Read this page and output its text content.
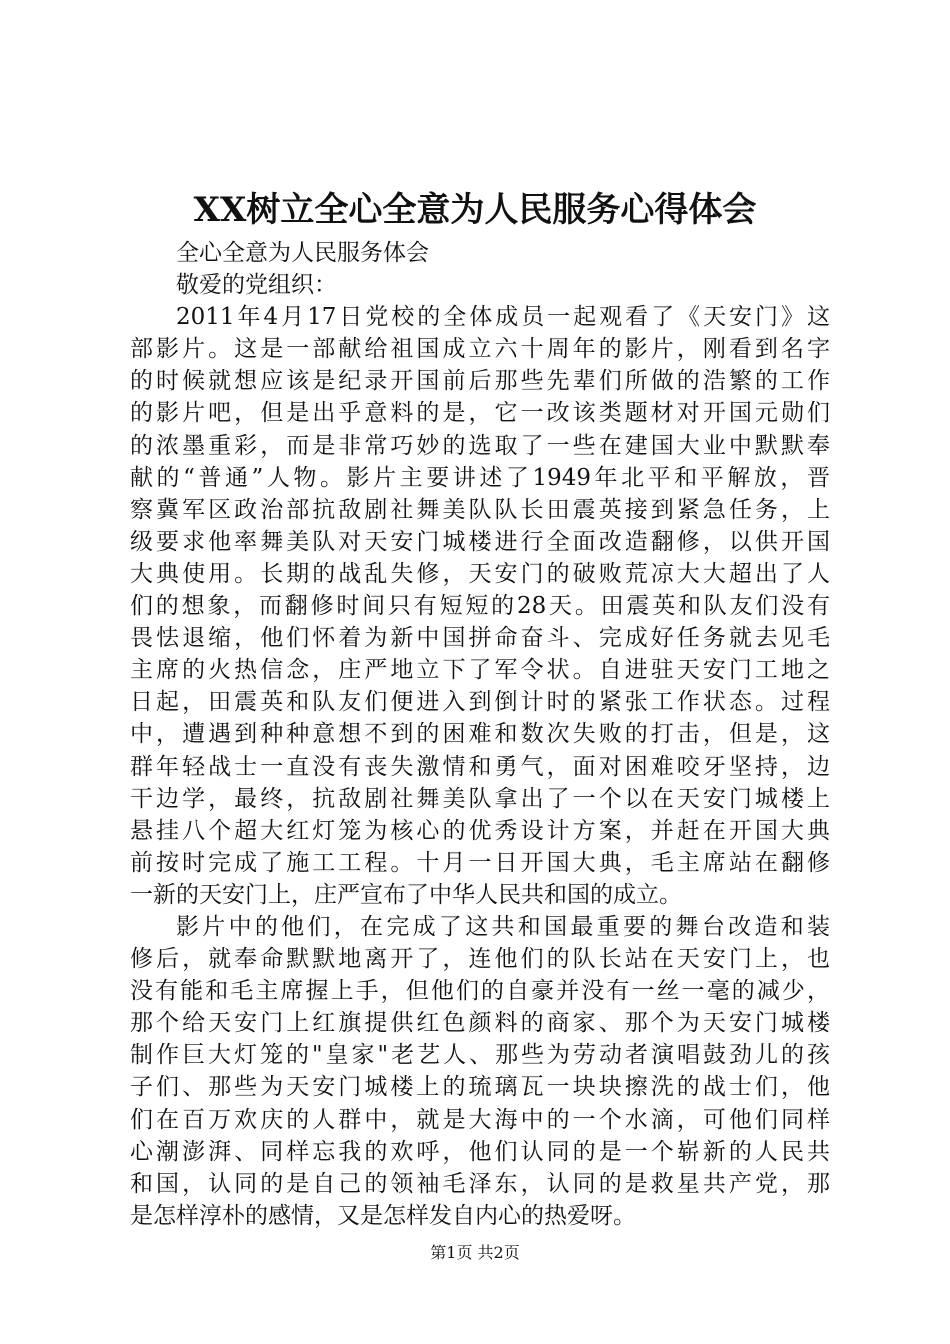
XX树立全心全意为人民服务心得体会
全心全意为人民服务体会
敬爱的党组织：
2011年4月17日党校的全体成员一起观看了《天安门》这
部影片。这是一部献给祖国成立六十周年的影片，刚看到名字
的时候就想应该是纪录开国前后那些先辈们所做的浩繁的工作
的影片吧，但是出乎意料的是，它一改该类题材对开国元勋们
的浓墨重彩，而是非常巧妙的选取了一些在建国大业中默默奉
献的“普通”人物。影片主要讲述了1949年北平和平解放，晋
察冀军区政治部抗敌剧社舞美队队长田震英接到紧急任务，上
级要求他率舞美队对天安门城楼进行全面改造翻修，以供开国
大典使用。长期的战乱失修，天安门的破败荒凉大大超出了人
们的想象，而翻修时间只有短短的28天。田震英和队友们没有
畏怯退缩，他们怀着为新中国拼命奋斗、完成好任务就去见毛
主席的火热信念，庄严地立下了军令状。自进驻天安门工地之
日起，田震英和队友们便进入到倒计时的紧张工作状态。过程
中，遭遇到种种意想不到的困难和数次失败的打击，但是，这
群年轻战士一直没有丧失激情和勇气，面对困难咬牙坚持，边
干边学，最终，抗敌剧社舞美队拿出了一个以在天安门城楼上
悬挂八个超大红灯笼为核心的优秀设计方案，并赶在开国大典
前按时完成了施工工程。十月一日开国大典，毛主席站在翻修
一新的天安门上，庄严宣布了中华人民共和国的成立。
影片中的他们，在完成了这共和国最重要的舞台改造和装
修后，就奉命默默地离开了，连他们的队长站在天安门上，也
没有能和毛主席握上手，但他们的自豪并没有一丝一毫的减少，
那个给天安门上红旗提供红色颜料的商家、那个为天安门城楼
制作巨大灯笼的"皇家"老艺人、那些为劳动者演唱鼓劲儿的孩
子们、那些为天安门城楼上的琉璃瓦一块块擦洗的战士们，他
们在百万欢庆的人群中，就是大海中的一个水滴，可他们同样
心潮澎湃、同样忘我的欢呼，他们认同的是一个崭新的人民共
和国，认同的是自己的领袖毛泽东，认同的是救星共产党，那
是怎样淳朴的感情，又是怎样发自内心的热爱呀。
第1页 共2页
